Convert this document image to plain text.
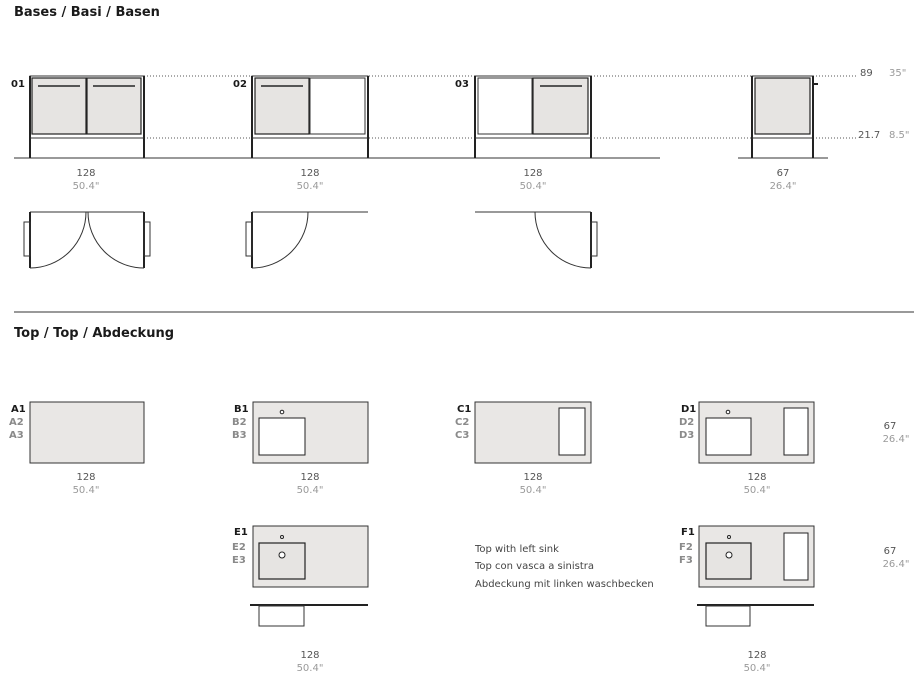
Bases / Basi / Basen
89 35"
21.7 8.5"
01
128
50.4"
02
128
50.4"
03
128
50.4"
67
26.4"
Top / Top / Abdeckung
A1
A2
A3
128
50.4"
B1
B2
B3
128
50.4"
C1
C2
C3
128
50.4"
D1
D2
D3
128
50.4"
67
26.4"
67
26.4"
E1
E2
E3
128
50.4"
Top with left sink
Top con vasca a sinistra
Abdeckung mit linken waschbecken
F1
F2
F3
128
50.4"
